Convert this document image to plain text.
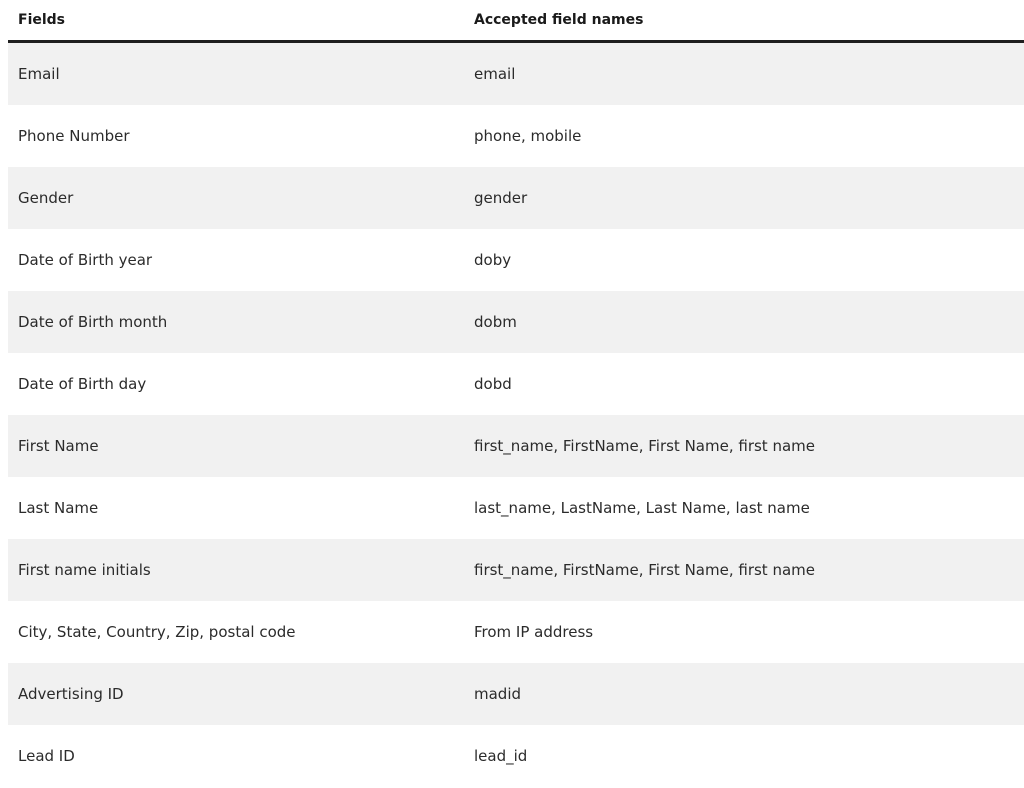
Fields	Accepted field names
Email	email
Phone Number	phone, mobile
Gender	gender
Date of Birth year	doby
Date of Birth month	dobm
Date of Birth day	dobd
First Name	first_name, FirstName, First Name, first name
Last Name	last_name, LastName, Last Name, last name
First name initials	first_name, FirstName, First Name, first name
City, State, Country, Zip, postal code	From IP address
Advertising ID	madid
Lead ID	lead_id
